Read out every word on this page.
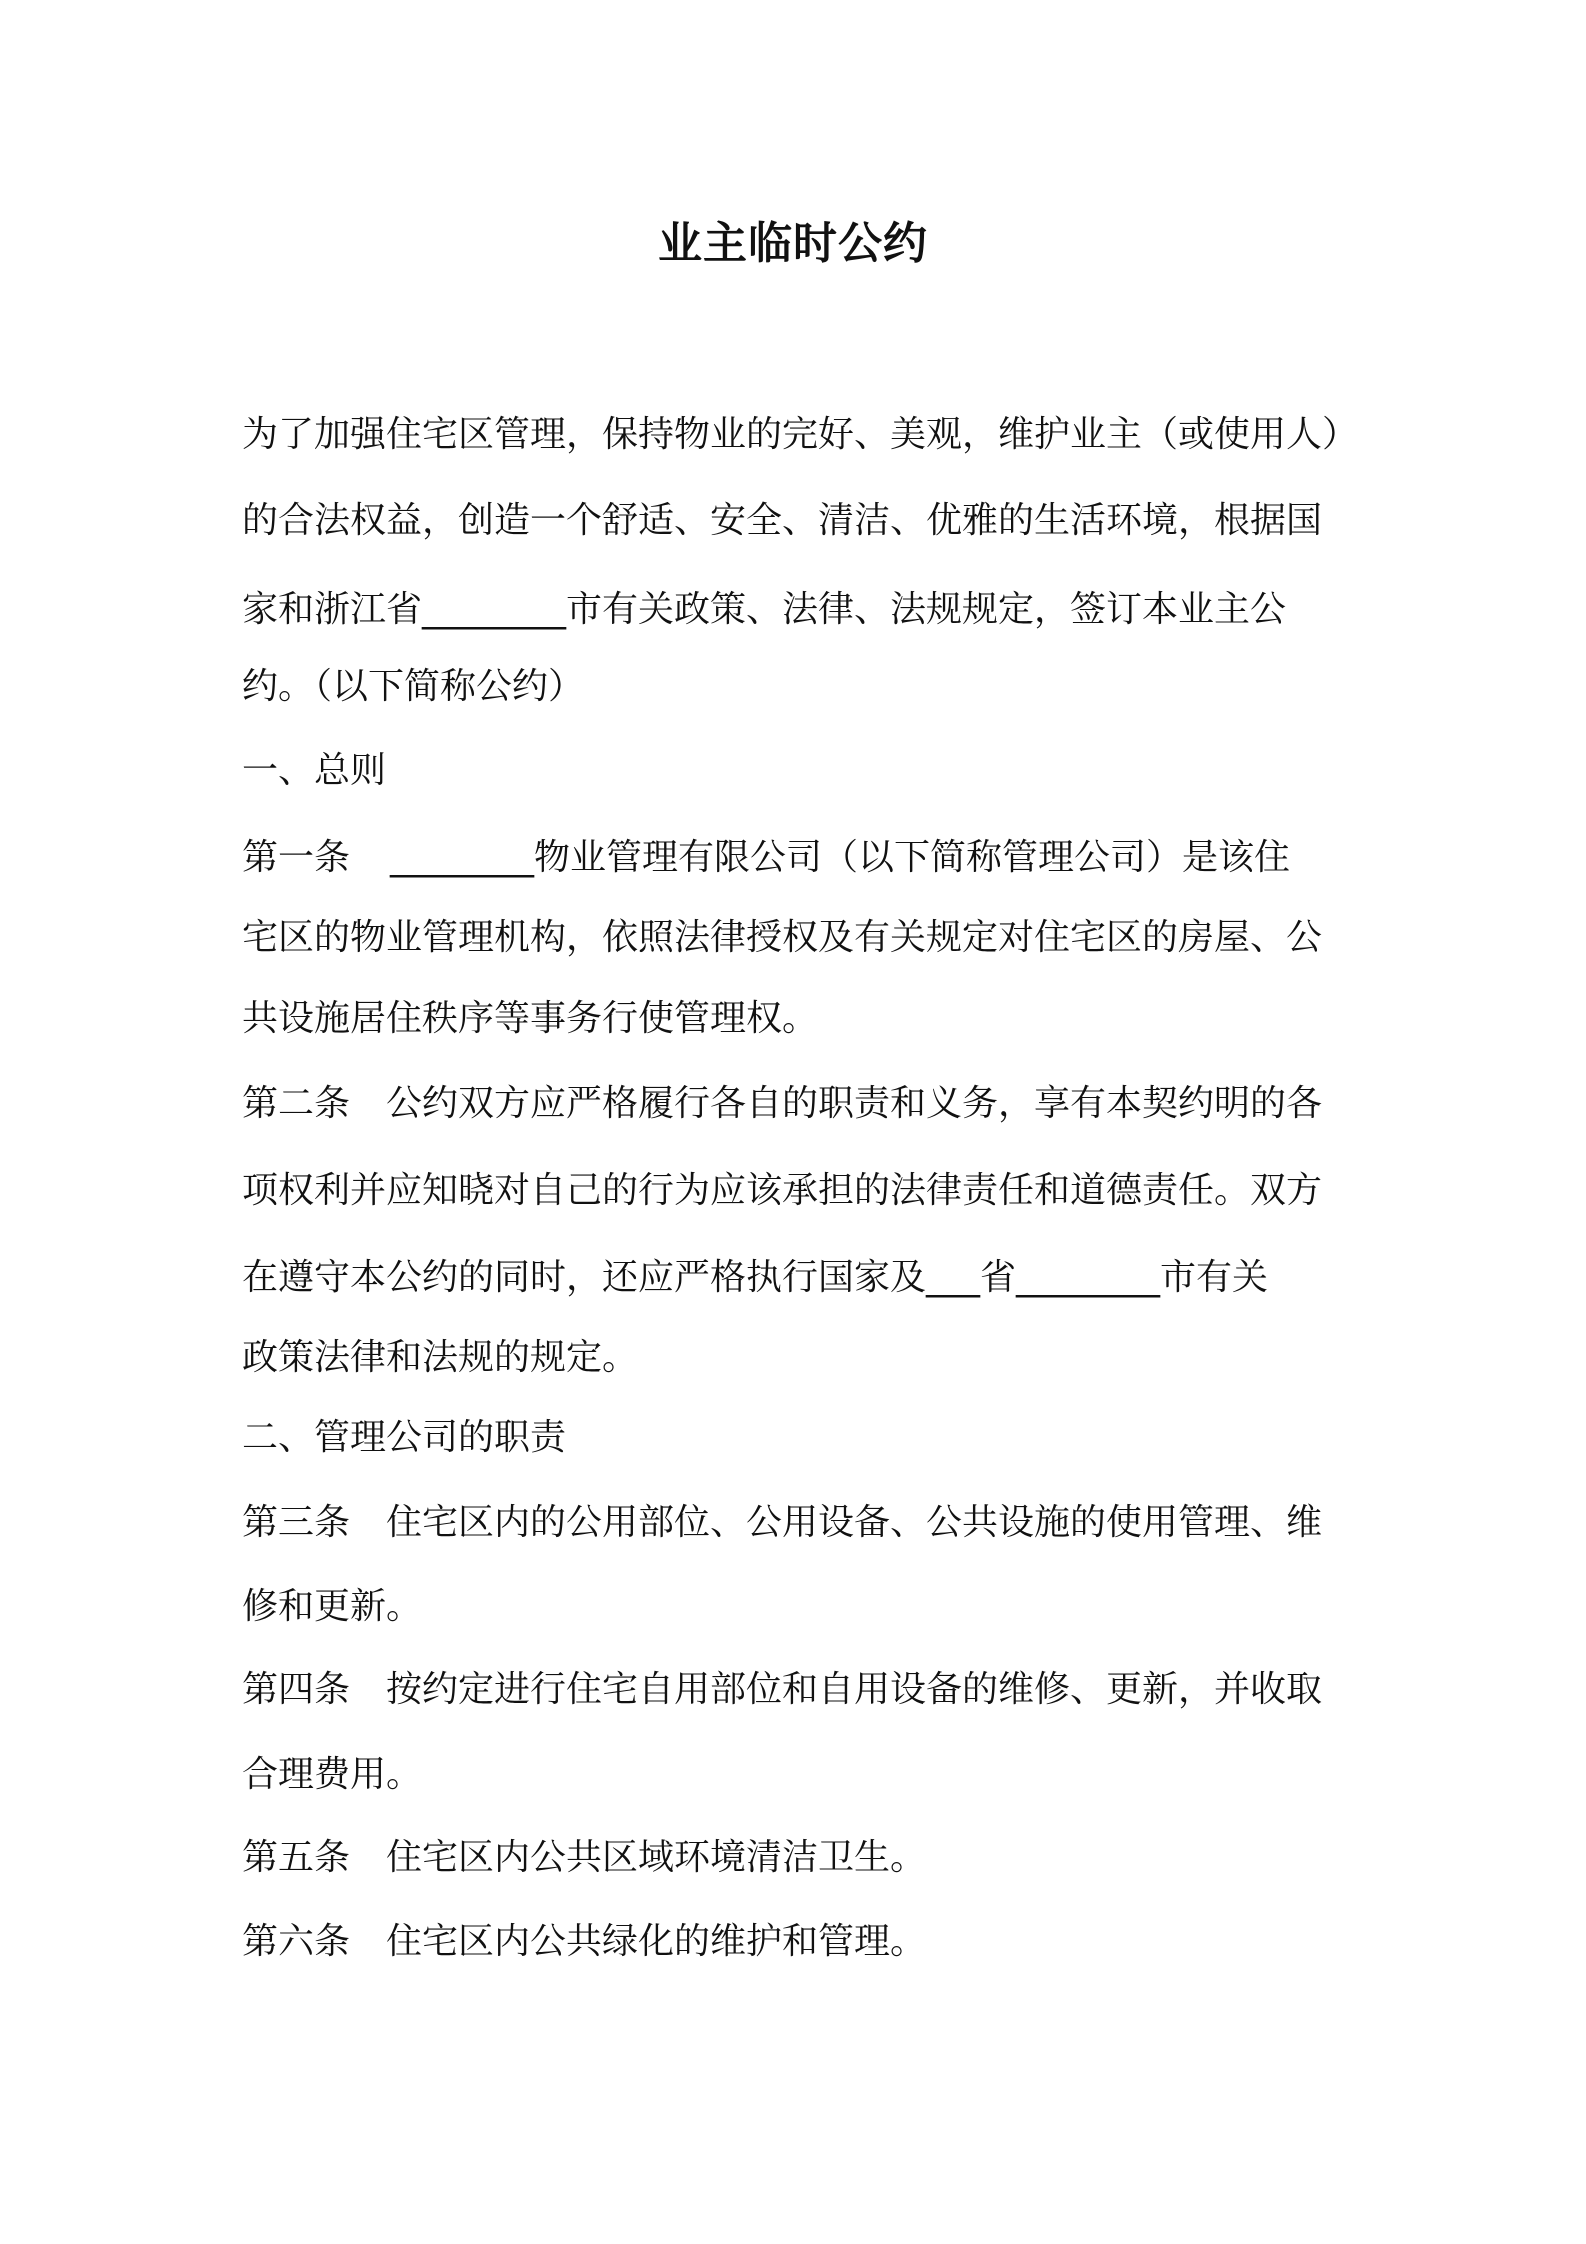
业主临时公约

为了加强住宅区管理，保持物业的完好、美观，维护业主（或使用人）

的合法权益，创造一个舒适、安全、清洁、优雅的生活环境，根据国

家和浙江省________市有关政策、法律、法规规定，签订本业主公

约。（以下简称公约）

一、总则

第一条 ________物业管理有限公司（以下简称管理公司）是该住

宅区的物业管理机构，依照法律授权及有关规定对住宅区的房屋、公

共设施居住秩序等事务行使管理权。

第二条 公约双方应严格履行各自的职责和义务，享有本契约明的各

项权利并应知晓对自己的行为应该承担的法律责任和道德责任。双方

在遵守本公约的同时，还应严格执行国家及___省________市有关

政策法律和法规的规定。

二、管理公司的职责

第三条 住宅区内的公用部位、公用设备、公共设施的使用管理、维

修和更新。

第四条 按约定进行住宅自用部位和自用设备的维修、更新，并收取

合理费用。

第五条 住宅区内公共区域环境清洁卫生。

第六条 住宅区内公共绿化的维护和管理。
